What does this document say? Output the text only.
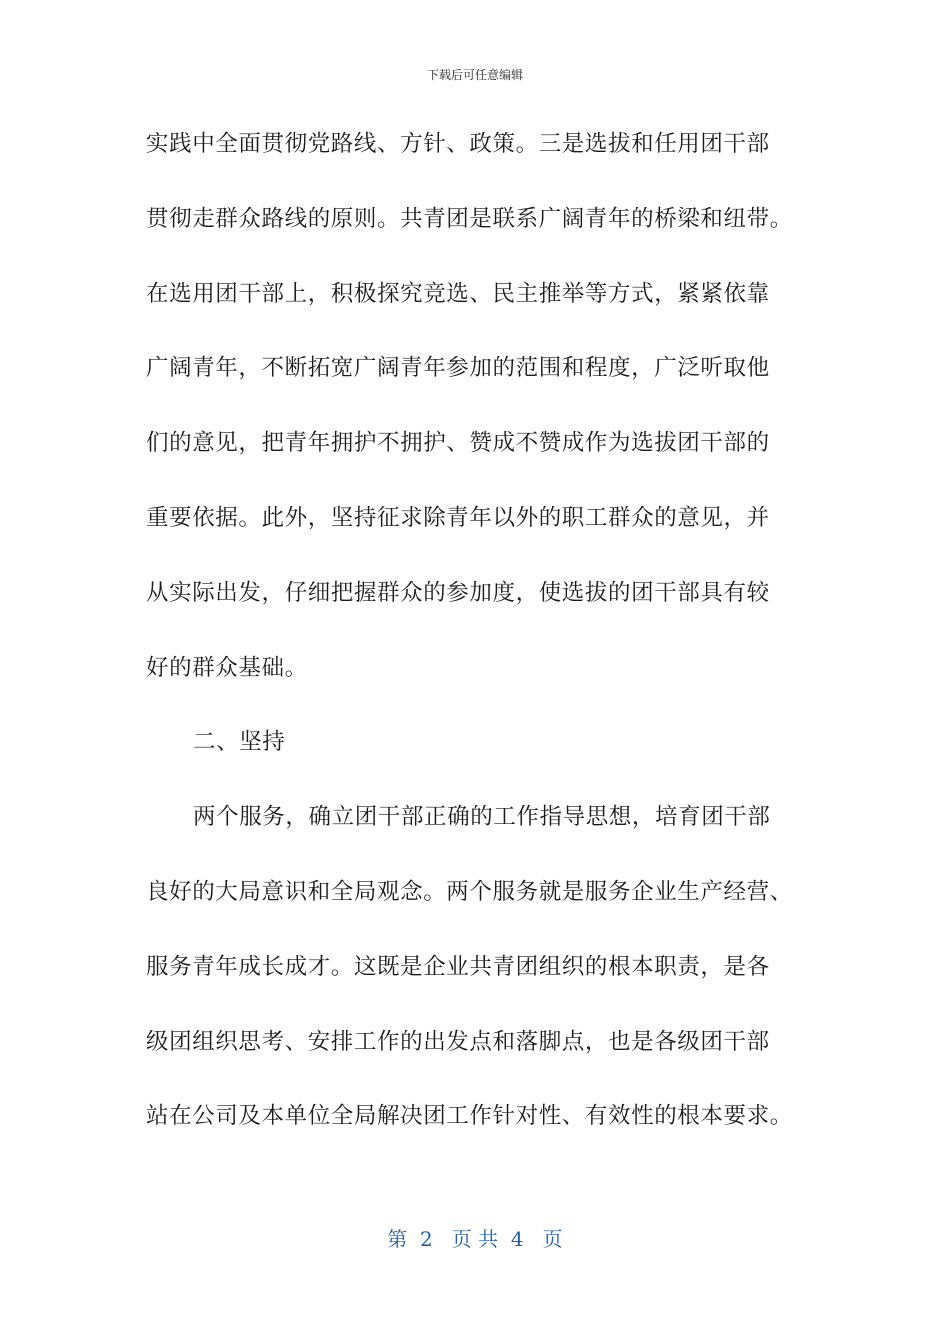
下载后可任意编辑
实践中全面贯彻党路线、方针、政策。三是选拔和任用团干部
贯彻走群众路线的原则。共青团是联系广阔青年的桥梁和纽带。
在选用团干部上，积极探究竞选、民主推举等方式，紧紧依靠
广阔青年，不断拓宽广阔青年参加的范围和程度，广泛听取他
们的意见，把青年拥护不拥护、赞成不赞成作为选拔团干部的
重要依据。此外，坚持征求除青年以外的职工群众的意见，并
从实际出发，仔细把握群众的参加度，使选拔的团干部具有较
好的群众基础。
二、坚持
两个服务，确立团干部正确的工作指导思想，培育团干部
良好的大局意识和全局观念。两个服务就是服务企业生产经营、
服务青年成长成才。这既是企业共青团组织的根本职责，是各
级团组织思考、安排工作的出发点和落脚点，也是各级团干部
站在公司及本单位全局解决团工作针对性、有效性的根本要求。
第  2   页 共  4   页
